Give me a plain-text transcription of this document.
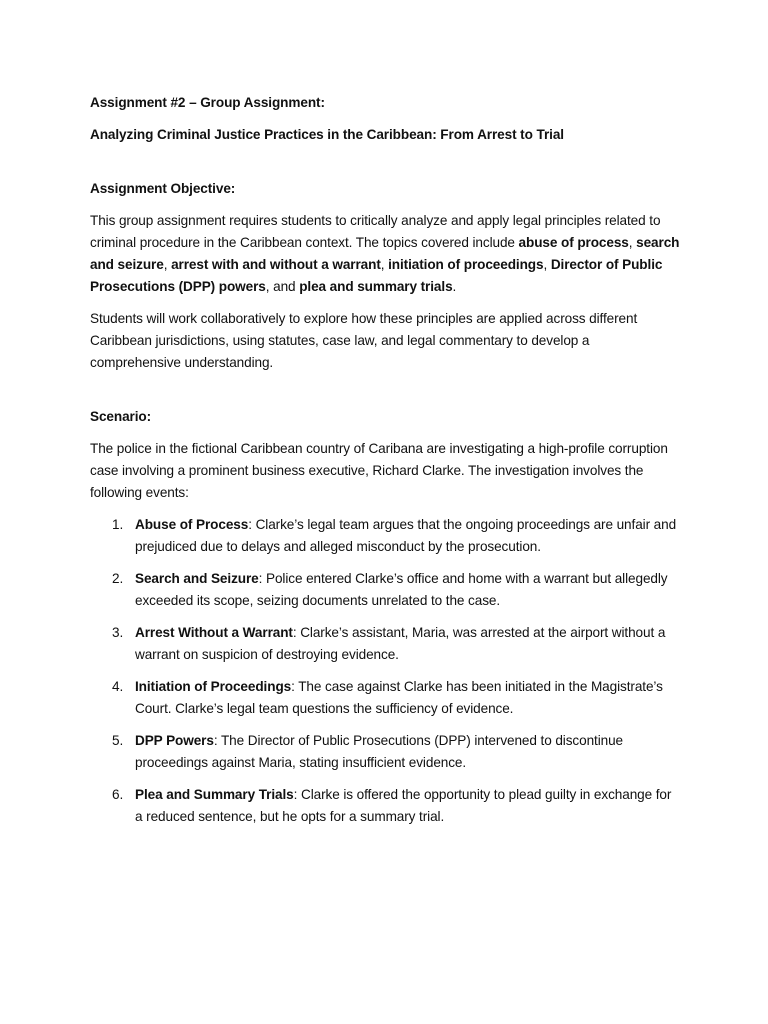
Assignment #2 – Group Assignment:

Analyzing Criminal Justice Practices in the Caribbean: From Arrest to Trial

Assignment Objective:

This group assignment requires students to critically analyze and apply legal principles related to criminal procedure in the Caribbean context. The topics covered include abuse of process, search and seizure, arrest with and without a warrant, initiation of proceedings, Director of Public Prosecutions (DPP) powers, and plea and summary trials.

Students will work collaboratively to explore how these principles are applied across different Caribbean jurisdictions, using statutes, case law, and legal commentary to develop a comprehensive understanding.

Scenario:

The police in the fictional Caribbean country of Caribana are investigating a high-profile corruption case involving a prominent business executive, Richard Clarke. The investigation involves the following events:

1. Abuse of Process: Clarke’s legal team argues that the ongoing proceedings are unfair and prejudiced due to delays and alleged misconduct by the prosecution.
2. Search and Seizure: Police entered Clarke’s office and home with a warrant but allegedly exceeded its scope, seizing documents unrelated to the case.
3. Arrest Without a Warrant: Clarke’s assistant, Maria, was arrested at the airport without a warrant on suspicion of destroying evidence.
4. Initiation of Proceedings: The case against Clarke has been initiated in the Magistrate’s Court. Clarke’s legal team questions the sufficiency of evidence.
5. DPP Powers: The Director of Public Prosecutions (DPP) intervened to discontinue proceedings against Maria, stating insufficient evidence.
6. Plea and Summary Trials: Clarke is offered the opportunity to plead guilty in exchange for a reduced sentence, but he opts for a summary trial.
